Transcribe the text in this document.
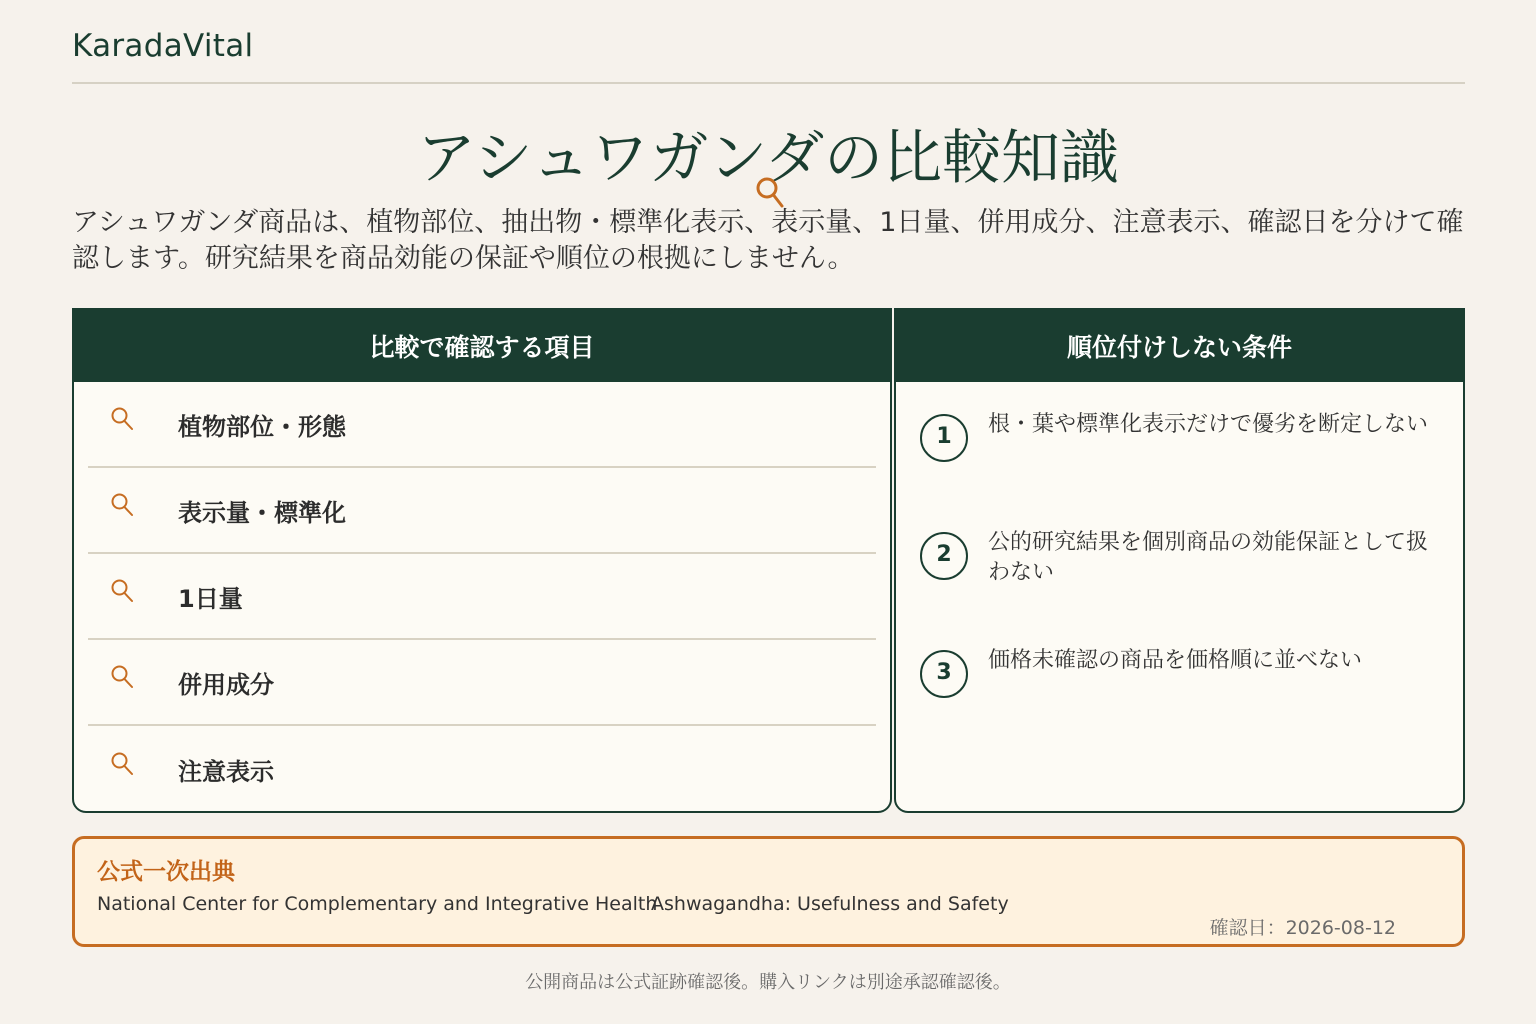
KaradaVital
アシュワガンダの比較知識

アシュワガンダ商品は、植物部位、抽出物・標準化表示、表示量、1日量、併用成分、注意表示、確認日を分けて確認します。研究結果を商品効能の保証や順位の根拠にしません。

比較で確認する項目
植物部位・形態
表示量・標準化
1日量
併用成分
注意表示
順位付けしない条件
1	根・葉や標準化表示だけで優劣を断定しない
2	公的研究結果を個別商品の効能保証として扱わない
3	価格未確認の商品を価格順に並べない
公式一次出典
National Center for Complementary and Integrative Health
Ashwagandha: Usefulness and Safety
確認日：2026-08-12
公開商品は公式証跡確認後。購入リンクは別途承認確認後。
